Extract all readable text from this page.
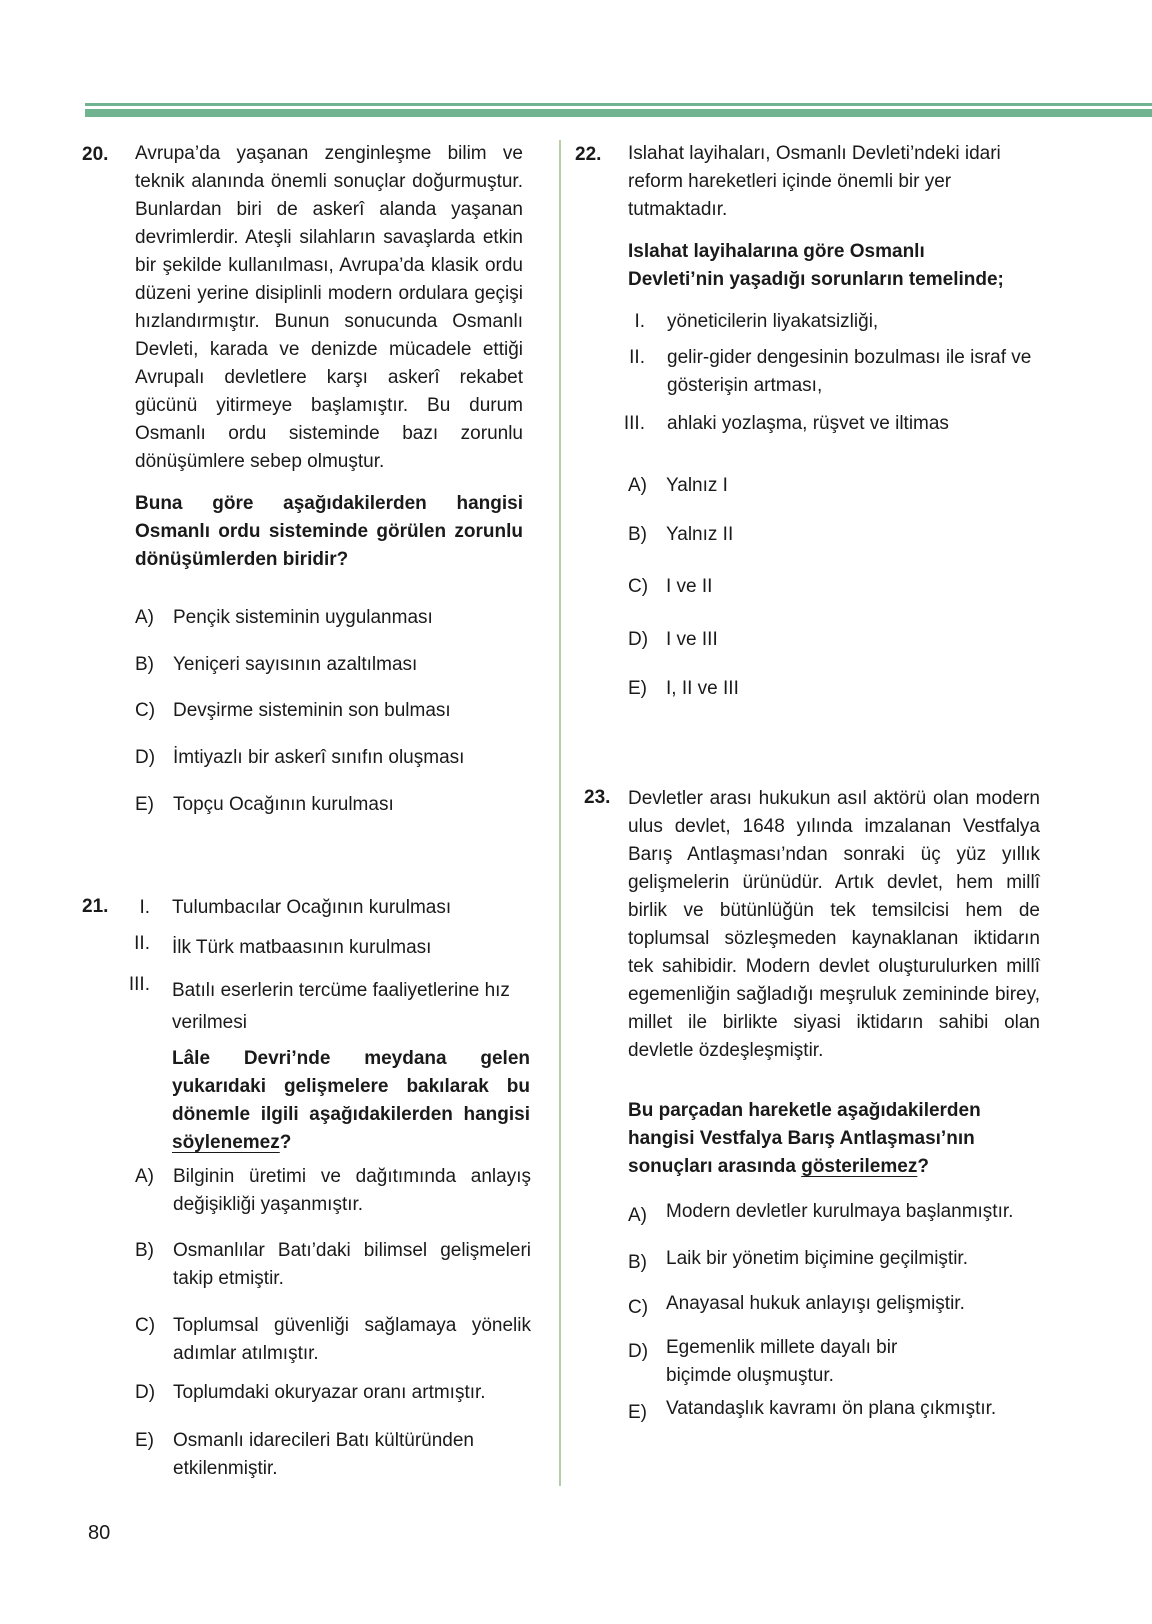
20. Avrupa’da yaşanan zenginleşme bilim ve teknik alanında önemli sonuçlar doğurmuştur. Bunlardan biri de askerî alanda yaşanan devrimlerdir. Ateşli silahların savaşlarda etkin bir şekilde kullanılması, Avrupa’da klasik ordu düzeni yerine disiplinli modern ordulara geçişi hızlandırmıştır. Bunun sonucunda Osmanlı Devleti, karada ve denizde mücadele ettiği Avrupalı devletlere karşı askerî rekabet gücünü yitirmeye başlamıştır. Bu durum Osmanlı ordu sisteminde bazı zorunlu dönüşümlere sebep olmuştur.
Buna göre aşağıdakilerden hangisi Osmanlı ordu sisteminde görülen zorunlu dönüşümlerden biridir?
A) Pençik sisteminin uygulanması
B) Yeniçeri sayısının azaltılması
C) Devşirme sisteminin son bulması
D) İmtiyazlı bir askerî sınıfın oluşması
E) Topçu Ocağının kurulması
21.	I. Tulumbacılar Ocağının kurulması
II. İlk Türk matbaasının kurulması
III. Batılı eserlerin tercüme faaliyetlerine hız verilmesi
Lâle Devri’nde meydana gelen yukarıdaki gelişmelere bakılarak bu dönemle ilgili aşağıdakilerden hangisi söylenemez?
A) Bilginin üretimi ve dağıtımında anlayış değişikliği yaşanmıştır.
B) Osmanlılar Batı’daki bilimsel gelişmeleri takip etmiştir.
C) Toplumsal güvenliği sağlamaya yönelik adımlar atılmıştır.
D) Toplumdaki okuryazar oranı artmıştır.
E) Osmanlı idarecileri Batı kültüründen etkilenmiştir.
22. Islahat layihaları, Osmanlı Devleti’ndeki idari reform hareketleri içinde önemli bir yer tutmaktadır.
Islahat layihalarına göre Osmanlı Devleti’nin yaşadığı sorunların temelinde;
I. yöneticilerin liyakatsizliği,
II. gelir-gider dengesinin bozulması ile israf ve gösterişin artması,
III. ahlaki yozlaşma, rüşvet ve iltimas
A) Yalnız I
B) Yalnız II
C) I ve II
D) I ve III
E) I, II ve III
23. Devletler arası hukukun asıl aktörü olan modern ulus devlet, 1648 yılında imzalanan Vestfalya Barış Antlaşması’ndan sonraki üç yüz yıllık gelişmelerin ürünüdür. Artık devlet, hem millî birlik ve bütünlüğün tek temsilcisi hem de toplumsal sözleşmeden kaynaklanan iktidarın tek sahibidir. Modern devlet oluşturulurken millî egemenliğin sağladığı meşruluk zemininde birey, millet ile birlikte siyasi iktidarın sahibi olan devletle özdeşleşmiştir.
Bu parçadan hareketle aşağıdakilerden hangisi Vestfalya Barış Antlaşması’nın sonuçları arasında gösterilemez?
A) Modern devletler kurulmaya başlanmıştır.
B) Laik bir yönetim biçimine geçilmiştir.
C) Anayasal hukuk anlayışı gelişmiştir.
D) Egemenlik millete dayalı bir biçimde oluşmuştur.
E) Vatandaşlık kavramı ön plana çıkmıştır.
80
